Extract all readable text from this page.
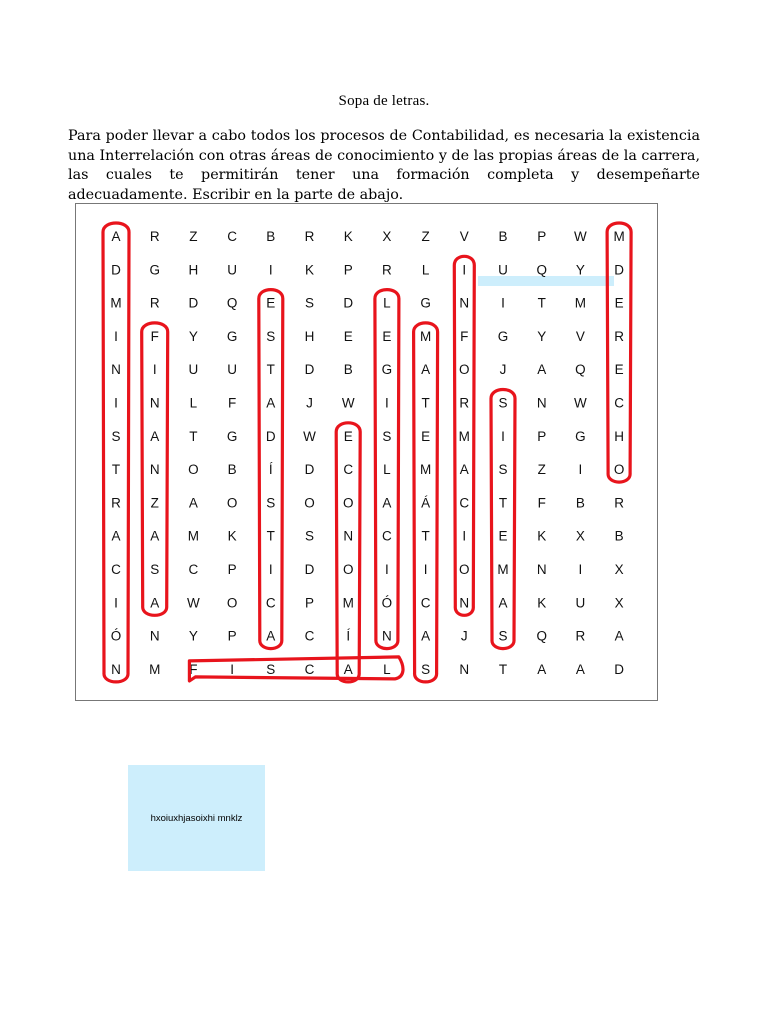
Sopa de letras.

Para poder llevar a cabo todos los procesos de Contabilidad, es necesaria la existencia una Interrelación con otras áreas de conocimiento y de las propias áreas de la carrera, las cuales te permitirán tener una formación completa y desempeñarte adecuadamente. Escribir en la parte de abajo.

A R Z C B R K X Z V B P W M
D G H U I K P R L I U Q Y D
M R D Q E S D L G N I T M E
I F Y G S H E E M F G Y V R
N I U U T D B G A O J A Q E
I N L F A J W I T R S N W C
S A T G D W E S E M I P G H
T N O B Í D C L M A S Z I O
R Z A O S O O A Á C T F B R
A A M K T S N C T I E K X B
C S C P I D O I	I O M N I X
I A W O C P M Ó C N A K U X
Ó N Y P A C Í N A J S Q R A
N M F I S C A L S N T A A D
hxoiuxhjasoixhi mnklz
